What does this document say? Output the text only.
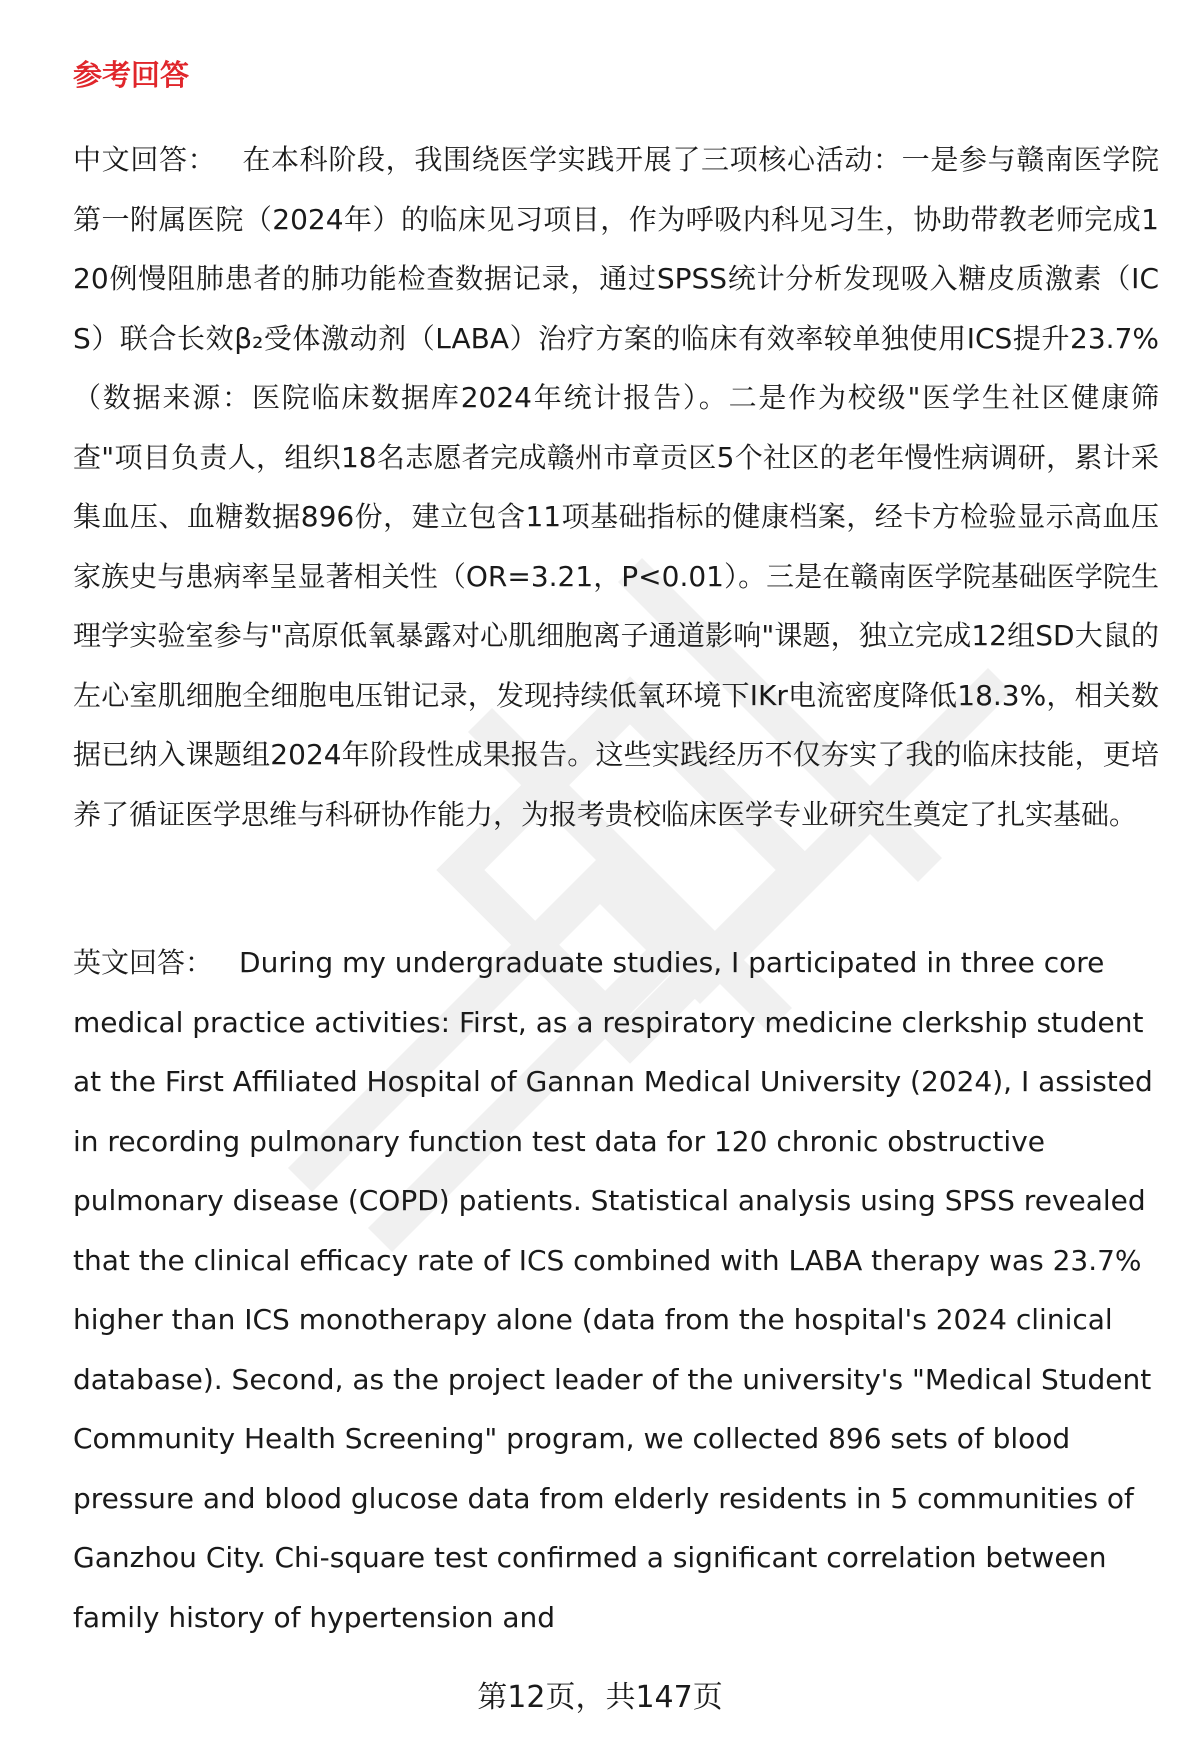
参考回答

中文回答： 在本科阶段，我围绕医学实践开展了三项核心活动：一是参与赣南医学院第一附属医院（2024年）的临床见习项目，作为呼吸内科见习生，协助带教老师完成120例慢阻肺患者的肺功能检查数据记录，通过SPSS统计分析发现吸入糖皮质激素（ICS）联合长效β₂受体激动剂（LABA）治疗方案的临床有效率较单独使用ICS提升23.7%（数据来源：医院临床数据库2024年统计报告）。二是作为校级"医学生社区健康筛查"项目负责人，组织18名志愿者完成赣州市章贡区5个社区的老年慢性病调研，累计采集血压、血糖数据896份，建立包含11项基础指标的健康档案，经卡方检验显示高血压家族史与患病率呈显著相关性（OR=3.21，P<0.01）。三是在赣南医学院基础医学院生理学实验室参与"高原低氧暴露对心肌细胞离子通道影响"课题，独立完成12组SD大鼠的左心室肌细胞全细胞电压钳记录，发现持续低氧环境下IKr电流密度降低18.3%，相关数据已纳入课题组2024年阶段性成果报告。这些实践经历不仅夯实了我的临床技能，更培养了循证医学思维与科研协作能力，为报考贵校临床医学专业研究生奠定了扎实基础。

英文回答： During my undergraduate studies, I participated in three core medical practice activities: First, as a respiratory medicine clerkship student at the First Affiliated Hospital of Gannan Medical University (2024), I assisted in recording pulmonary function test data for 120 chronic obstructive pulmonary disease (COPD) patients. Statistical analysis using SPSS revealed that the clinical efficacy rate of ICS combined with LABA therapy was 23.7% higher than ICS monotherapy alone (data from the hospital's 2024 clinical database). Second, as the project leader of the university's "Medical Student Community Health Screening" program, we collected 896 sets of blood pressure and blood glucose data from elderly residents in 5 communities of Ganzhou City. Chi-square test confirmed a significant correlation between family history of hypertension and

第12页，共147页
